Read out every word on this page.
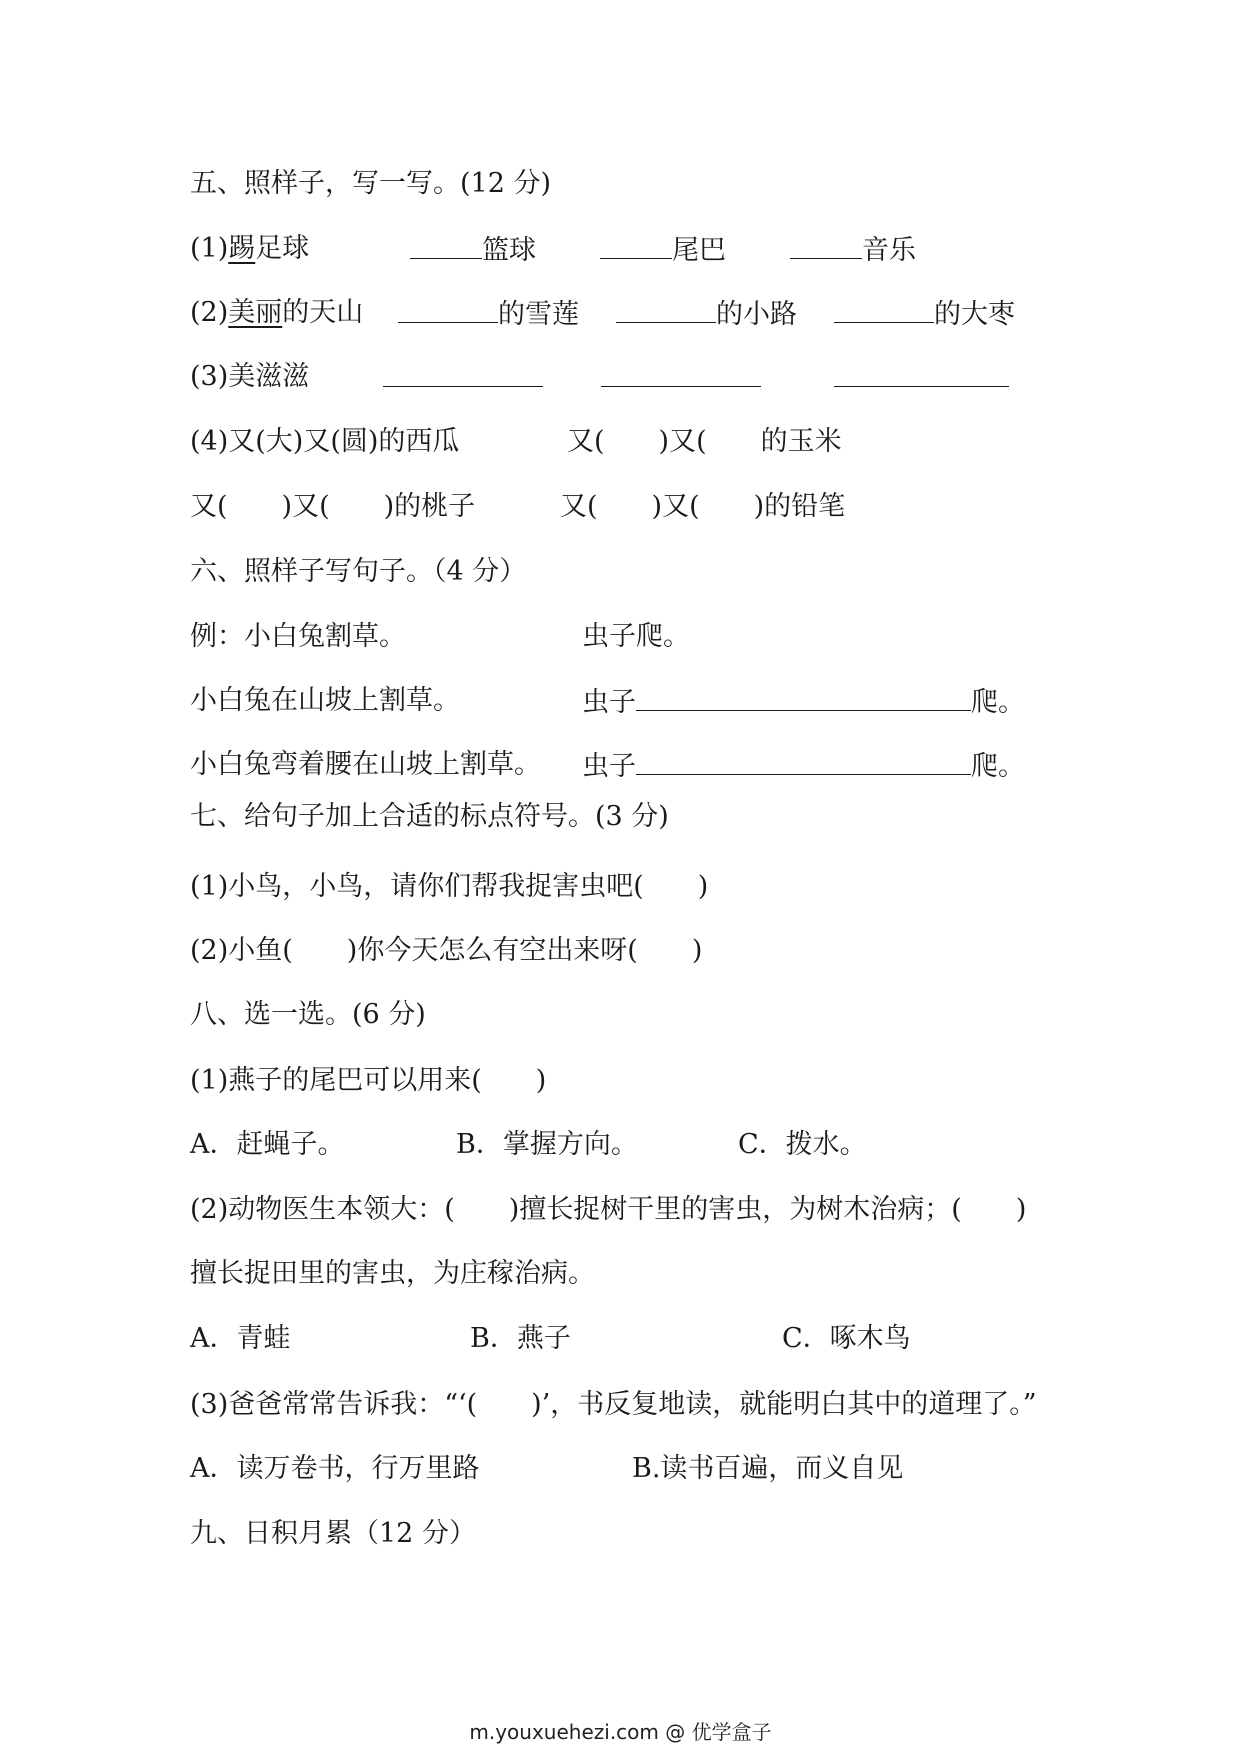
五、照样子，写一写。(12 分)
(1)踢足球	篮球	尾巴	音乐
(2)美丽的天山	的雪莲	的小路	的大枣
(3)美滋滋
(4)又(大)又(圆)的西瓜	又(　　)又(　　的玉米
又(　　)又(　　)的桃子	又(　　)又(　　)的铅笔
六、照样子写句子。（4 分）
例：小白兔割草。	虫子爬。
小白兔在山坡上割草。	虫子	爬。
小白兔弯着腰在山坡上割草。 虫子	爬。
七、给句子加上合适的标点符号。(3 分)
(1)小鸟，小鸟，请你们帮我捉害虫吧(　　)
(2)小鱼(　　)你今天怎么有空出来呀(　　)
八、选一选。(6 分)
(1)燕子的尾巴可以用来(　　)
A．赶蝇子。	B．掌握方向。	C．拨水。
(2)动物医生本领大：(　　)擅长捉树干里的害虫，为树木治病；(　　)
擅长捉田里的害虫，为庄稼治病。
A．青蛙	B．燕子	C．啄木鸟
(3)爸爸常常告诉我：“‘(　　)’，书反复地读，就能明白其中的道理了。”
A．读万卷书，行万里路	B.读书百遍，而义自见
九、日积月累（12 分）
m.youxuehezi.com @ 优学盒子
